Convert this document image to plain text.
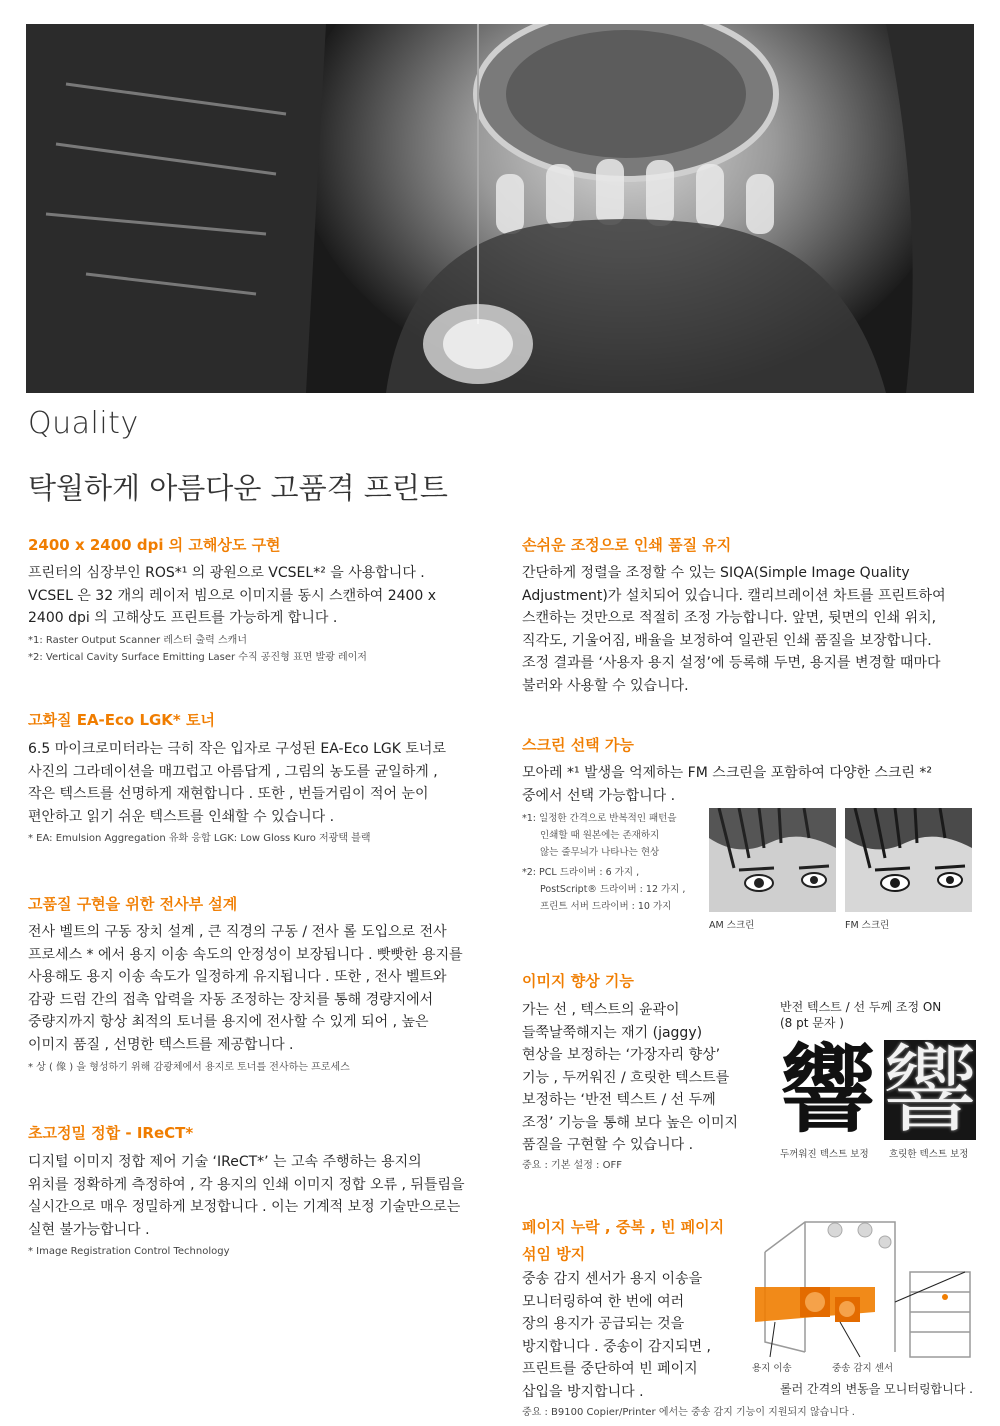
Quality
탁월하게 아름다운 고품격 프린트
2400 x 2400 dpi 의 고해상도 구현
프린터의 심장부인 ROS*¹ 의 광원으로 VCSEL*² 을 사용합니다 .
VCSEL 은 32 개의 레이저 빔으로 이미지를 동시 스캔하여 2400 x
2400 dpi 의 고해상도 프린트를 가능하게 합니다 .
*1: Raster Output Scanner 레스터 출력 스캐너
*2: Vertical Cavity Surface Emitting Laser 수직 공진형 표면 발광 레이저
고화질 EA-Eco LGK* 토너
6.5 마이크로미터라는 극히 작은 입자로 구성된 EA-Eco LGK 토너로
사진의 그라데이션을 매끄럽고 아름답게 , 그림의 농도를 균일하게 ,
작은 텍스트를 선명하게 재현합니다 . 또한 , 번들거림이 적어 눈이
편안하고 읽기 쉬운 텍스트를 인쇄할 수 있습니다 .
* EA: Emulsion Aggregation 유화 응합 LGK: Low Gloss Kuro 저광택 블랙
고품질 구현을 위한 전사부 설계
전사 벨트의 구동 장치 설계 , 큰 직경의 구동 / 전사 롤 도입으로 전사
프로세스 * 에서 용지 이송 속도의 안정성이 보장됩니다 . 빳빳한 용지를
사용해도 용지 이송 속도가 일정하게 유지됩니다 . 또한 , 전사 벨트와
감광 드럼 간의 접촉 압력을 자동 조정하는 장치를 통해 경량지에서
중량지까지 항상 최적의 토너를 용지에 전사할 수 있게 되어 , 높은
이미지 품질 , 선명한 텍스트를 제공합니다 .
* 상 ( 像 ) 을 형성하기 위해 감광체에서 용지로 토너를 전사하는 프로세스
초고정밀 정합 - IReCT*
디지털 이미지 정합 제어 기술 ‘IReCT*’ 는 고속 주행하는 용지의
위치를 정확하게 측정하여 , 각 용지의 인쇄 이미지 정합 오류 , 뒤틀림을
실시간으로 매우 정밀하게 보정합니다 . 이는 기계적 보정 기술만으로는
실현 불가능합니다 .
* Image Registration Control Technology
손쉬운 조정으로 인쇄 품질 유지
간단하게 정렬을 조정할 수 있는 SIQA(Simple Image Quality
Adjustment)가 설치되어 있습니다. 캘리브레이션 차트를 프린트하여
스캔하는 것만으로 적절히 조정 가능합니다. 앞면, 뒷면의 인쇄 위치,
직각도, 기울어짐, 배율을 보정하여 일관된 인쇄 품질을 보장합니다.
조정 결과를 ‘사용자 용지 설정’에 등록해 두면, 용지를 변경할 때마다
불러와 사용할 수 있습니다.
스크린 선택 가능
모아레 *¹ 발생을 억제하는 FM 스크린을 포함하여 다양한 스크린 *²
중에서 선택 가능합니다 .
*1: 일정한 간격으로 반복적인 패턴을
인쇄할 때 원본에는 존재하지
않는 줄무늬가 나타나는 현상
*2: PCL 드라이버 : 6 가지 ,
PostScript® 드라이버 : 12 가지 ,
프린트 서버 드라이버 : 10 가지
AM 스크린	FM 스크린
이미지 향상 기능
가는 선 , 텍스트의 윤곽이
들쭉날쭉해지는 재기 (jaggy)
현상을 보정하는 ‘가장자리 향상’
기능 , 두꺼워진 / 흐릿한 텍스트를
보정하는 ‘반전 텍스트 / 선 두께
조정’ 기능을 통해 보다 높은 이미지
품질을 구현할 수 있습니다 .
중요 : 기본 설정 : OFF
반전 텍스트 / 선 두께 조정 ON
(8 pt 문자 )
響 響
두꺼워진 텍스트 보정 흐릿한 텍스트 보정
페이지 누락 , 중복 , 빈 페이지
섞임 방지
중송 감지 센서가 용지 이송을
모니터링하여 한 번에 여러
장의 용지가 공급되는 것을
방지합니다 . 중송이 감지되면 ,
프린트를 중단하여 빈 페이지
삽입을 방지합니다 .
용지 이송	중송 감지 센서
롤러 간격의 변동을 모니터링합니다 .
중요 : B9100 Copier/Printer 에서는 중송 감지 기능이 지원되지 않습니다 .
